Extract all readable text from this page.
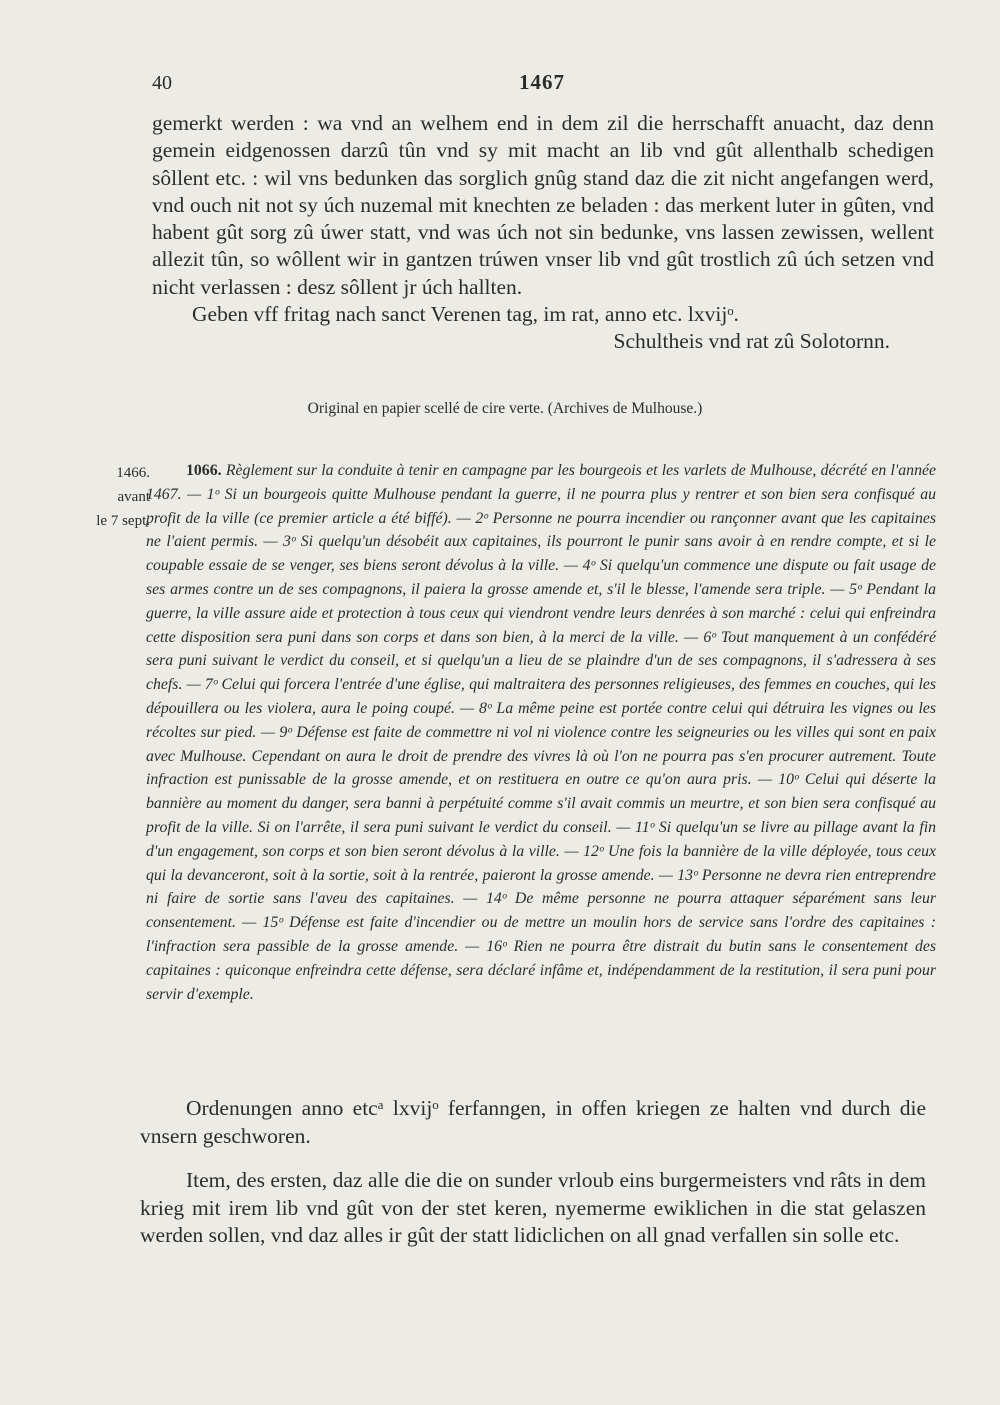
40	1467

gemerkt werden : wa vnd an welhem end in dem zil die herrschafft anuacht, daz denn gemein eidgenossen darzû tûn vnd sy mit macht an lib vnd gût allenthalb schedigen sôllent etc. : wil vns bedunken das sorglich gnûg stand daz die zit nicht angefangen werd, vnd ouch nit not sy úch nuzemal mit knechten ze beladen : das merkent luter in gûten, vnd habent gût sorg zû úwer statt, vnd was úch not sin bedunke, vns lassen zewissen, wellent allezit tûn, so wôllent wir in gantzen trúwen vnser lib vnd gût trostlich zû úch setzen vnd nicht verlassen : desz sôllent jr úch hallten.

Geben vff fritag nach sanct Verenen tag, im rat, anno etc. lxvijᵒ.

Schultheis vnd rat zû Solotornn.

Original en papier scellé de cire verte. (Archives de Mulhouse.)
1466.
avant
le 7 sept.

1066. Règlement sur la conduite à tenir en campagne par les bourgeois et les varlets de Mulhouse, décrété en l'année 1467. — 1ᵒ Si un bourgeois quitte Mulhouse pendant la guerre, il ne pourra plus y rentrer et son bien sera confisqué au profit de la ville (ce premier article a été biffé). — 2ᵒ Personne ne pourra incendier ou rançonner avant que les capitaines ne l'aient permis. — 3ᵒ Si quelqu'un désobéit aux capitaines, ils pourront le punir sans avoir à en rendre compte, et si le coupable essaie de se venger, ses biens seront dévolus à la ville. — 4ᵒ Si quelqu'un commence une dispute ou fait usage de ses armes contre un de ses compagnons, il paiera la grosse amende et, s'il le blesse, l'amende sera triple. — 5ᵒ Pendant la guerre, la ville assure aide et protection à tous ceux qui viendront vendre leurs denrées à son marché : celui qui enfreindra cette disposition sera puni dans son corps et dans son bien, à la merci de la ville. — 6ᵒ Tout manquement à un confédéré sera puni suivant le verdict du conseil, et si quelqu'un a lieu de se plaindre d'un de ses compagnons, il s'adressera à ses chefs. — 7ᵒ Celui qui forcera l'entrée d'une église, qui maltraitera des personnes religieuses, des femmes en couches, qui les dépouillera ou les violera, aura le poing coupé. — 8ᵒ La même peine est portée contre celui qui détruira les vignes ou les récoltes sur pied. — 9ᵒ Défense est faite de commettre ni vol ni violence contre les seigneuries ou les villes qui sont en paix avec Mulhouse. Cependant on aura le droit de prendre des vivres là où l'on ne pourra pas s'en procurer autrement. Toute infraction est punissable de la grosse amende, et on restituera en outre ce qu'on aura pris. — 10ᵒ Celui qui déserte la bannière au moment du danger, sera banni à perpétuité comme s'il avait commis un meurtre, et son bien sera confisqué au profit de la ville. Si on l'arrête, il sera puni suivant le verdict du conseil. — 11ᵒ Si quelqu'un se livre au pillage avant la fin d'un engagement, son corps et son bien seront dévolus à la ville. — 12ᵒ Une fois la bannière de la ville déployée, tous ceux qui la devanceront, soit à la sortie, soit à la rentrée, paieront la grosse amende. — 13ᵒ Personne ne devra rien entreprendre ni faire de sortie sans l'aveu des capitaines. — 14ᵒ De même personne ne pourra attaquer séparément sans leur consentement. — 15ᵒ Défense est faite d'incendier ou de mettre un moulin hors de service sans l'ordre des capitaines : l'infraction sera passible de la grosse amende. — 16ᵒ Rien ne pourra être distrait du butin sans le consentement des capitaines : quiconque enfreindra cette défense, sera déclaré infâme et, indépendamment de la restitution, il sera puni pour servir d'exemple.

Ordenungen anno etcᵃ lxvijᵒ ferfanngen, in offen kriegen ze halten vnd durch die vnsern geschworen.

Item, des ersten, daz alle die die on sunder vrloub eins burgermeisters vnd râts in dem krieg mit irem lib vnd gût von der stet keren, nyemerme ewiklichen in die stat gelaszen werden sollen, vnd daz alles ir gût der statt lidiclichen on all gnad verfallen sin solle etc.
